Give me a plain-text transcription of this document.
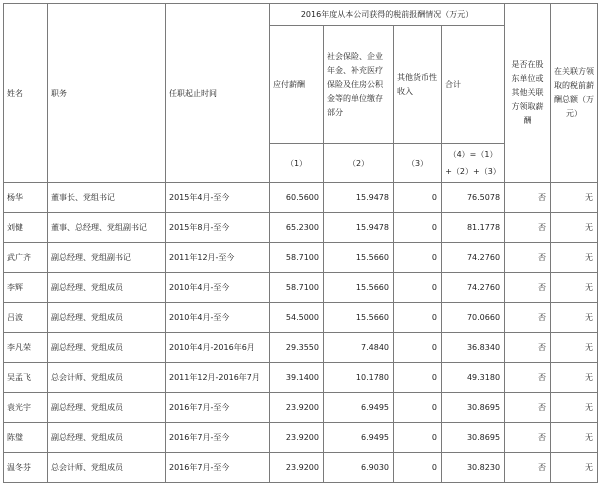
姓名	职务	任职起止时间	2016年度从本公司获得的税前报酬情况（万元）				是否在股东单位或其他关联方领取薪酬	在关联方领取的税前薪酬总额（万元）
			应付薪酬	社会保险、企业年金、补充医疗保险及住房公积金等的单位缴存部分	其他货币性收入	合计		
			（1）	（2）	（3）	（4）=（1）
+（2）+（3）		

杨华	董事长、党组书记	2015年4月-至今	60.5600	15.9478	0	76.5078	否	无
刘健	董事、总经理、党组副书记	2015年8月-至今	65.2300	15.9478	0	81.1778	否	无
武广齐	副总经理、党组副书记	2011年12月-至今	58.7100	15.5660	0	74.2760	否	无
李辉	副总经理、党组成员	2010年4月-至今	58.7100	15.5660	0	74.2760	否	无
吕波	副总经理、党组成员	2010年4月-至今	54.5000	15.5660	0	70.0660	否	无
李凡荣	副总经理、党组成员	2010年4月-2016年6月	29.3550	7.4840	0	36.8340	否	无
吴孟飞	总会计师、党组成员	2011年12月-2016年7月	39.1400	10.1780	0	49.3180	否	无
袁光宇	副总经理、党组成员	2016年7月-至今	23.9200	6.9495	0	30.8695	否	无
陈璧	副总经理、党组成员	2016年7月-至今	23.9200	6.9495	0	30.8695	否	无
温冬芬	总会计师、党组成员	2016年7月-至今	23.9200	6.9030	0	30.8230	否	无
